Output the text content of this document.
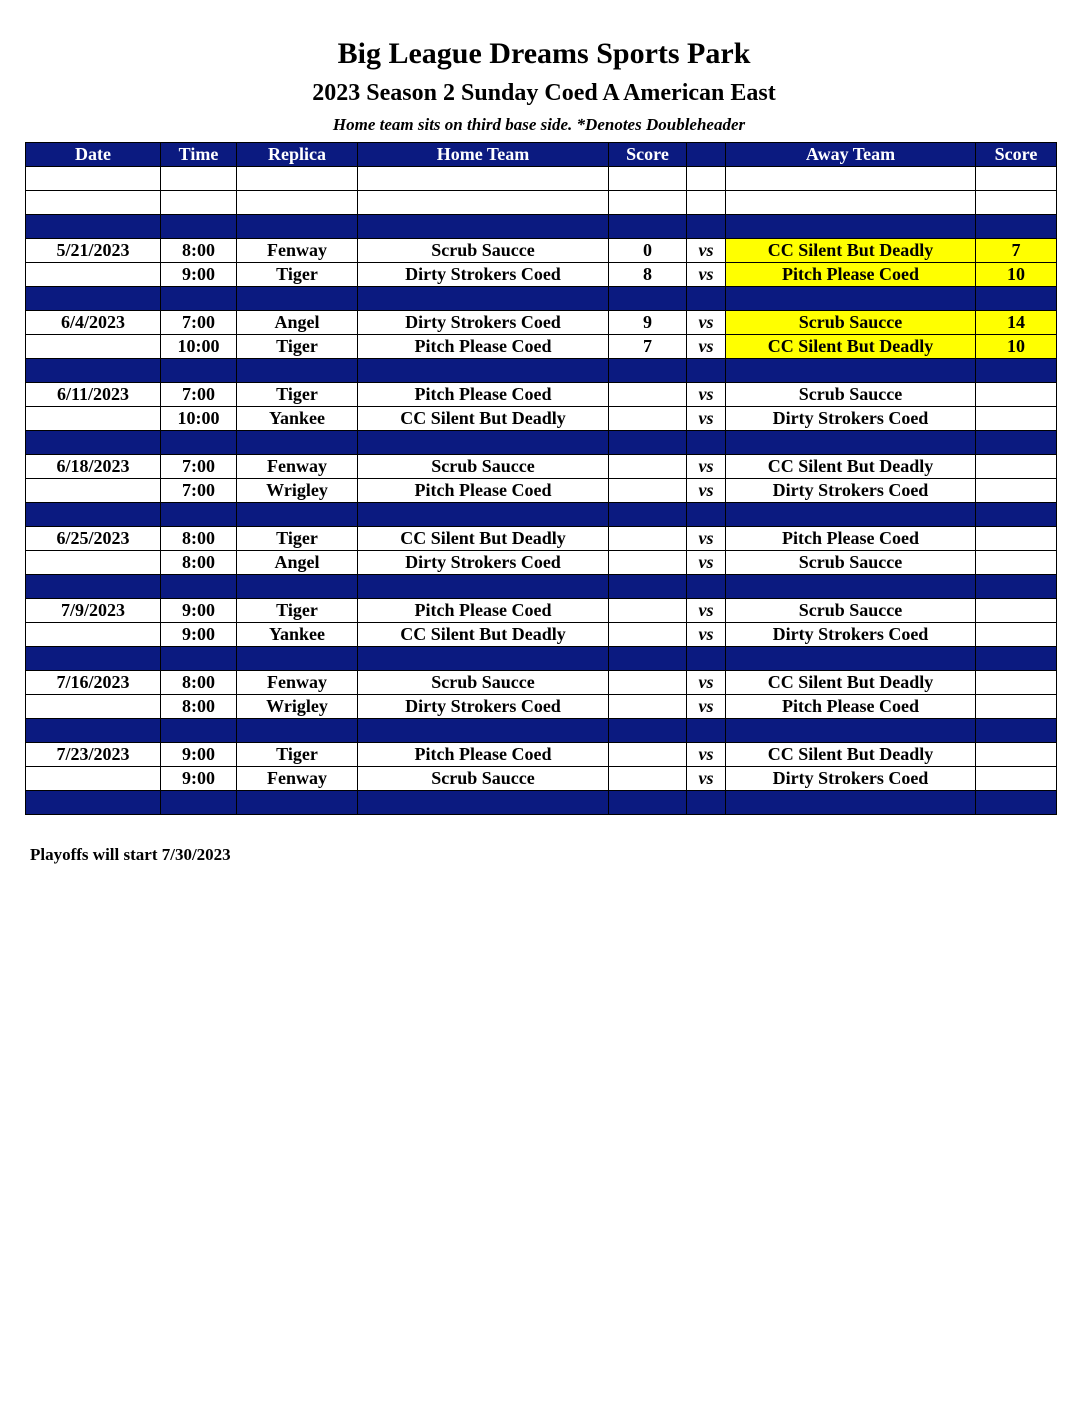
Big League Dreams Sports Park
2023 Season 2 Sunday Coed A American East
Home team sits on third base side. *Denotes Doubleheader
Date	Time	Replica	Home Team	Score		Away Team	Score

5/21/2023	8:00	Fenway	Scrub Saucce	0	vs	CC Silent But Deadly	7
	9:00	Tiger	Dirty Strokers Coed	8	vs	Pitch Please Coed	10

6/4/2023	7:00	Angel	Dirty Strokers Coed	9	vs	Scrub Saucce	14
	10:00	Tiger	Pitch Please Coed	7	vs	CC Silent But Deadly	10

6/11/2023	7:00	Tiger	Pitch Please Coed		vs	Scrub Saucce	
	10:00	Yankee	CC Silent But Deadly		vs	Dirty Strokers Coed	

6/18/2023	7:00	Fenway	Scrub Saucce		vs	CC Silent But Deadly	
	7:00	Wrigley	Pitch Please Coed		vs	Dirty Strokers Coed	

6/25/2023	8:00	Tiger	CC Silent But Deadly		vs	Pitch Please Coed	
	8:00	Angel	Dirty Strokers Coed		vs	Scrub Saucce	

7/9/2023	9:00	Tiger	Pitch Please Coed		vs	Scrub Saucce	
	9:00	Yankee	CC Silent But Deadly		vs	Dirty Strokers Coed	

7/16/2023	8:00	Fenway	Scrub Saucce		vs	CC Silent But Deadly	
	8:00	Wrigley	Dirty Strokers Coed		vs	Pitch Please Coed	

7/23/2023	9:00	Tiger	Pitch Please Coed		vs	CC Silent But Deadly	
	9:00	Fenway	Scrub Saucce		vs	Dirty Strokers Coed	

Playoffs will start 7/30/2023
